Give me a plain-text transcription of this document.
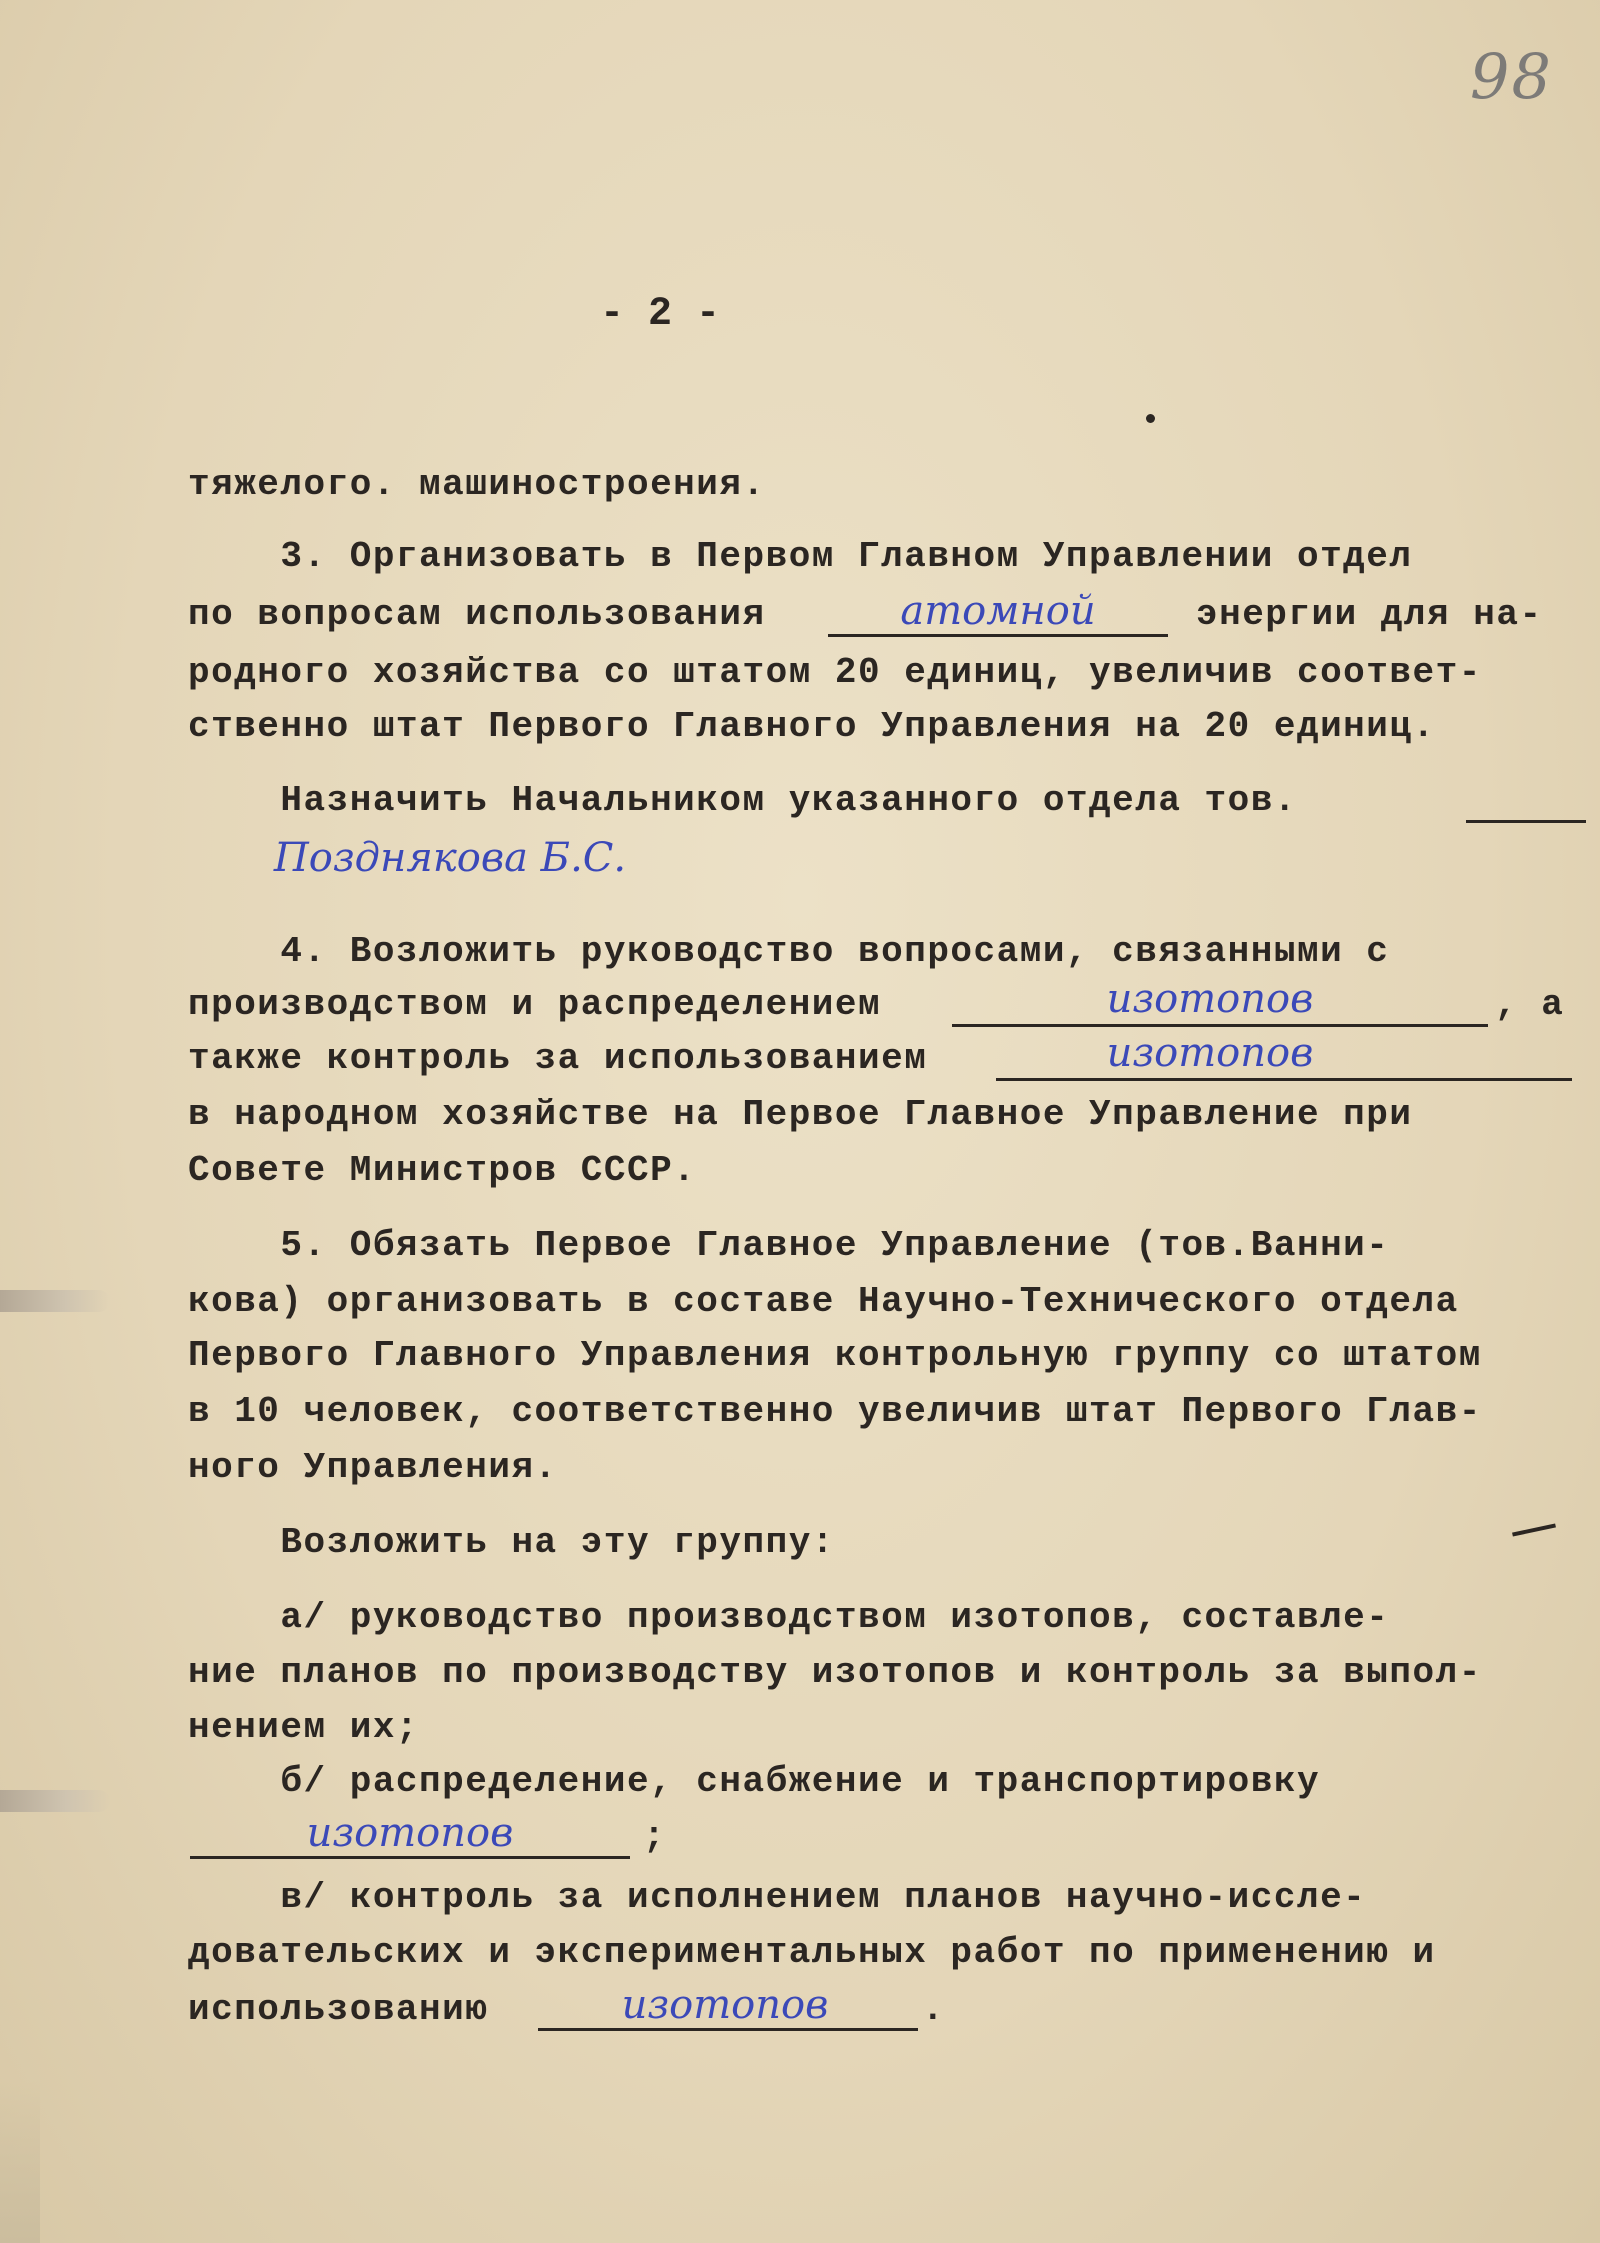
98
- 2 -
тяжелого. машиностроения.
3. Организовать в Первом Главном Управлении отдел
по вопросам использования	атомной	энергии для на-
родного хозяйства со штатом 20 единиц, увеличив соответ-
ственно штат Первого Главного Управления на 20 единиц.
Назначить Начальником указанного отдела тов.
Позднякова Б.С.
4. Возложить руководство вопросами, связанными с
производством и распределением	изотопов	, а
также контроль за использованием	изотопов
в народном хозяйстве на Первое Главное Управление при
Совете Министров СССР.
5. Обязать Первое Главное Управление (тов.Ванни-
кова) организовать в составе Научно-Технического отдела
Первого Главного Управления контрольную группу со штатом
в 10 человек, соответственно увеличив штат Первого Глав-
ного Управления.
Возложить на эту группу:
а/ руководство производством изотопов, составле-
ние планов по производству изотопов и контроль за выпол-
нением их;
б/ распределение, снабжение и транспортировку
изотопов	;
в/ контроль за исполнением планов научно-иссле-
довательских и экспериментальных работ по применению и
использованию	изотопов	.
